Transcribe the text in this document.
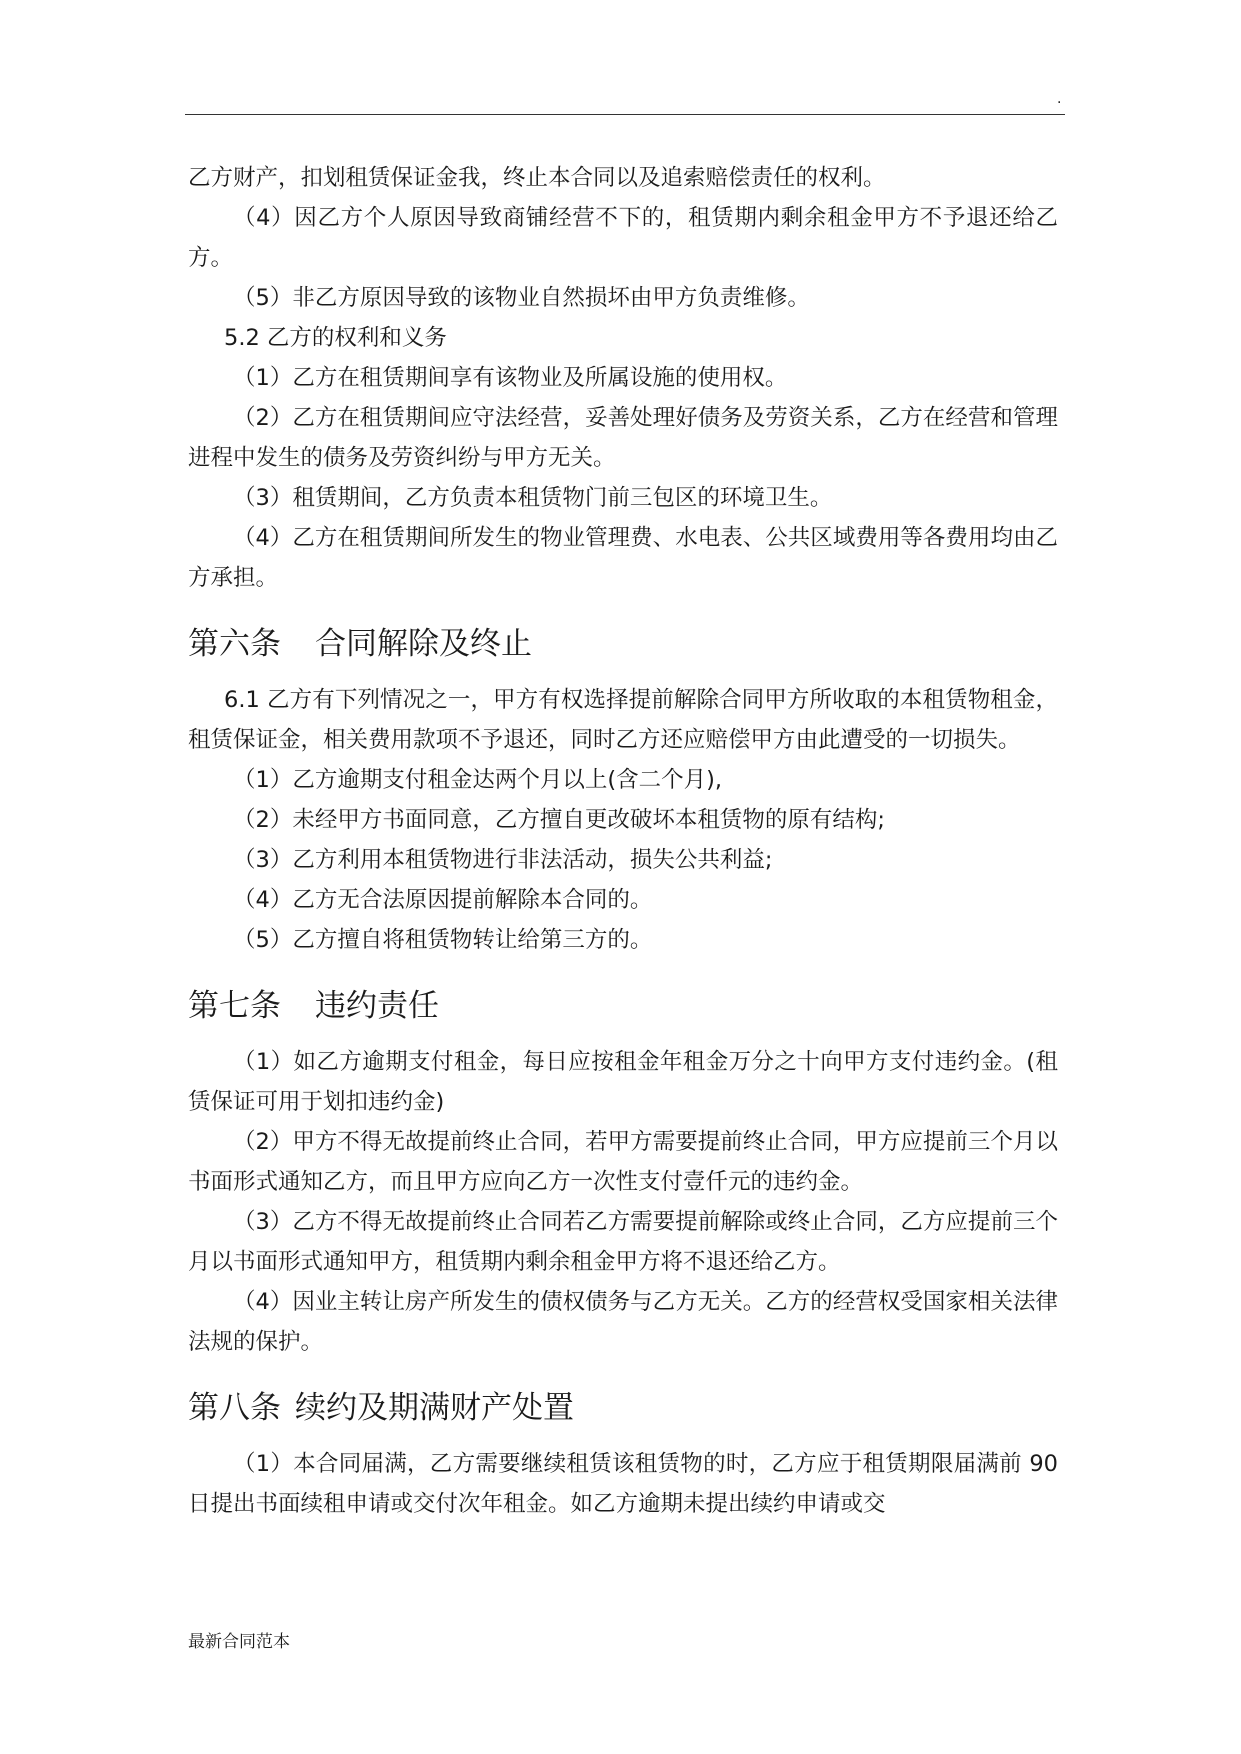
.

乙方财产，扣划租赁保证金我，终止本合同以及追索赔偿责任的权利。

（4）因乙方个人原因导致商铺经营不下的，租赁期内剩余租金甲方不予退还给乙方。

（5）非乙方原因导致的该物业自然损坏由甲方负责维修。

5.2 乙方的权利和义务

（1）乙方在租赁期间享有该物业及所属设施的使用权。

（2）乙方在租赁期间应守法经营，妥善处理好债务及劳资关系，乙方在经营和管理进程中发生的债务及劳资纠纷与甲方无关。

（3）租赁期间，乙方负责本租赁物门前三包区的环境卫生。

（4）乙方在租赁期间所发生的物业管理费、水电表、公共区域费用等各费用均由乙方承担。

第六条 合同解除及终止

6.1 乙方有下列情况之一，甲方有权选择提前解除合同甲方所收取的本租赁物租金，租赁保证金，相关费用款项不予退还，同时乙方还应赔偿甲方由此遭受的一切损失。

（1）乙方逾期支付租金达两个月以上(含二个月),

（2）未经甲方书面同意，乙方擅自更改破坏本租赁物的原有结构;

（3）乙方利用本租赁物进行非法活动，损失公共利益;

（4）乙方无合法原因提前解除本合同的。

（5）乙方擅自将租赁物转让给第三方的。

第七条 违约责任

（1）如乙方逾期支付租金，每日应按租金年租金万分之十向甲方支付违约金。(租赁保证可用于划扣违约金)

（2）甲方不得无故提前终止合同，若甲方需要提前终止合同，甲方应提前三个月以书面形式通知乙方，而且甲方应向乙方一次性支付壹仟元的违约金。

（3）乙方不得无故提前终止合同若乙方需要提前解除或终止合同，乙方应提前三个月以书面形式通知甲方，租赁期内剩余租金甲方将不退还给乙方。

（4）因业主转让房产所发生的债权债务与乙方无关。乙方的经营权受国家相关法律法规的保护。

第八条 续约及期满财产处置

（1）本合同届满，乙方需要继续租赁该租赁物的时，乙方应于租赁期限届满前 90 日提出书面续租申请或交付次年租金。如乙方逾期未提出续约申请或交

最新合同范本
